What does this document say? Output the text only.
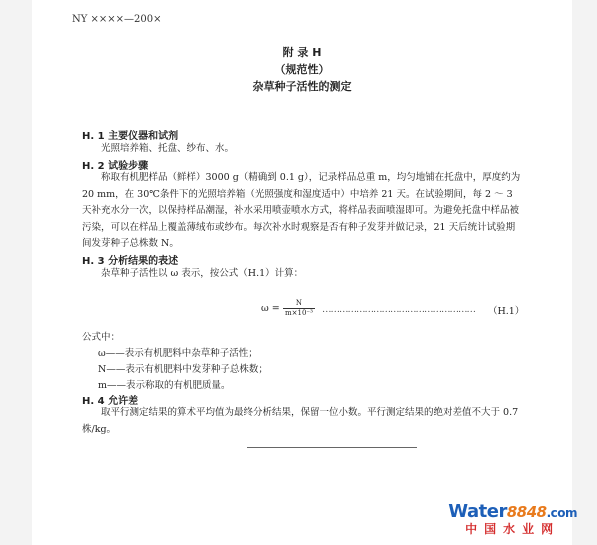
NY ××××—200×
附 录 H
（规范性）
杂草种子活性的测定
H. 1 主要仪器和试剂
光照培养箱、托盘、纱布、水。
H. 2 试验步骤
称取有机肥样品（鲜样）3000 g（精确到 0.1 g），记录样品总重 m，均匀地铺在托盘中，厚度约为 20 mm，在 30℃条件下的光照培养箱（光照强度和湿度适中）中培养 21 天。在试验期间，每 2 ～ 3 天补充水分一次，以保持样品潮湿，补水采用喷壶喷水方式，将样品表面喷湿即可。为避免托盘中样品被污染，可以在样品上覆盖薄绒布或纱布。每次补水时观察是否有种子发芽并做记录，21 天后统计试验期间发芽种子总株数 N。
H. 3 分析结果的表述
杂草种子活性以 ω 表示，按公式（H.1）计算：
$\omega = \frac{N}{\text{m×10⁻³}}$ ……………………………………………… （H.1）
公式中：
ω——表示有机肥料中杂草种子活性；
N——表示有机肥料中发芽种子总株数；
m——表示称取的有机肥质量。
H. 4 允许差
取平行测定结果的算术平均值为最终分析结果，保留一位小数。平行测定结果的绝对差值不大于 0.7 株/kg。
Water8848.com
中国水业网
